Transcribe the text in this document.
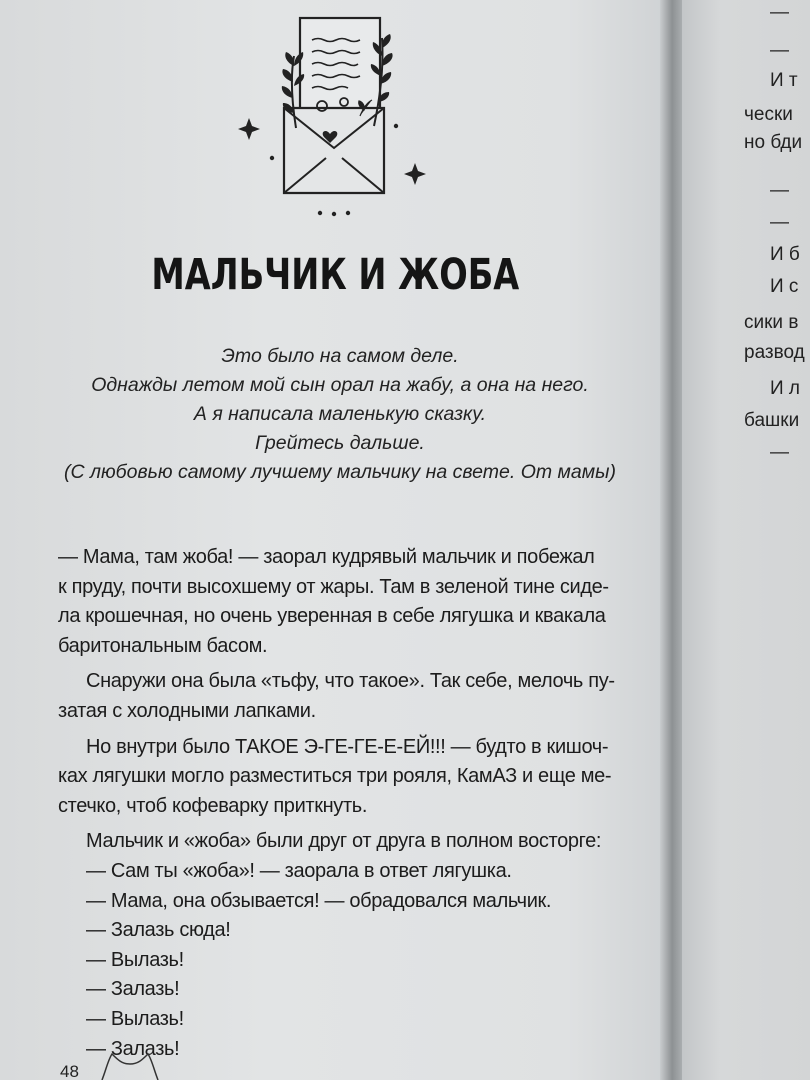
МАЛЬЧИК И ЖОБА
Это было на самом деле.
Однажды летом мой сын орал на жабу, а она на него.
А я написала маленькую сказку.
Грейтесь дальше.
(С любовью самому лучшему мальчику на свете. От мамы)
— Мама, там жоба! — заорал кудрявый мальчик и побежал
к пруду, почти высохшему от жары. Там в зеленой тине сиде-
ла крошечная, но очень уверенная в себе лягушка и квакала
баритональным басом.
Снаружи она была «тьфу, что такое». Так себе, мелочь пу-
затая с холодными лапками.
Но внутри было ТАКОЕ Э-ГЕ-ГЕ-Е-ЕЙ!!! — будто в кишоч-
ках лягушки могло разместиться три рояля, КамАЗ и еще ме-
стечко, чтоб кофеварку приткнуть.
Мальчик и «жоба» были друг от друга в полном восторге:
— Сам ты «жоба»! — заорала в ответ лягушка.
— Мама, она обзывается! — обрадовался мальчик.
— Залазь сюда!
— Вылазь!
— Залазь!
— Вылазь!
— Залазь!
48
—
—
И т
чески
но бди
—
—
И б
И с
сики в
развод
И л
башки
—
